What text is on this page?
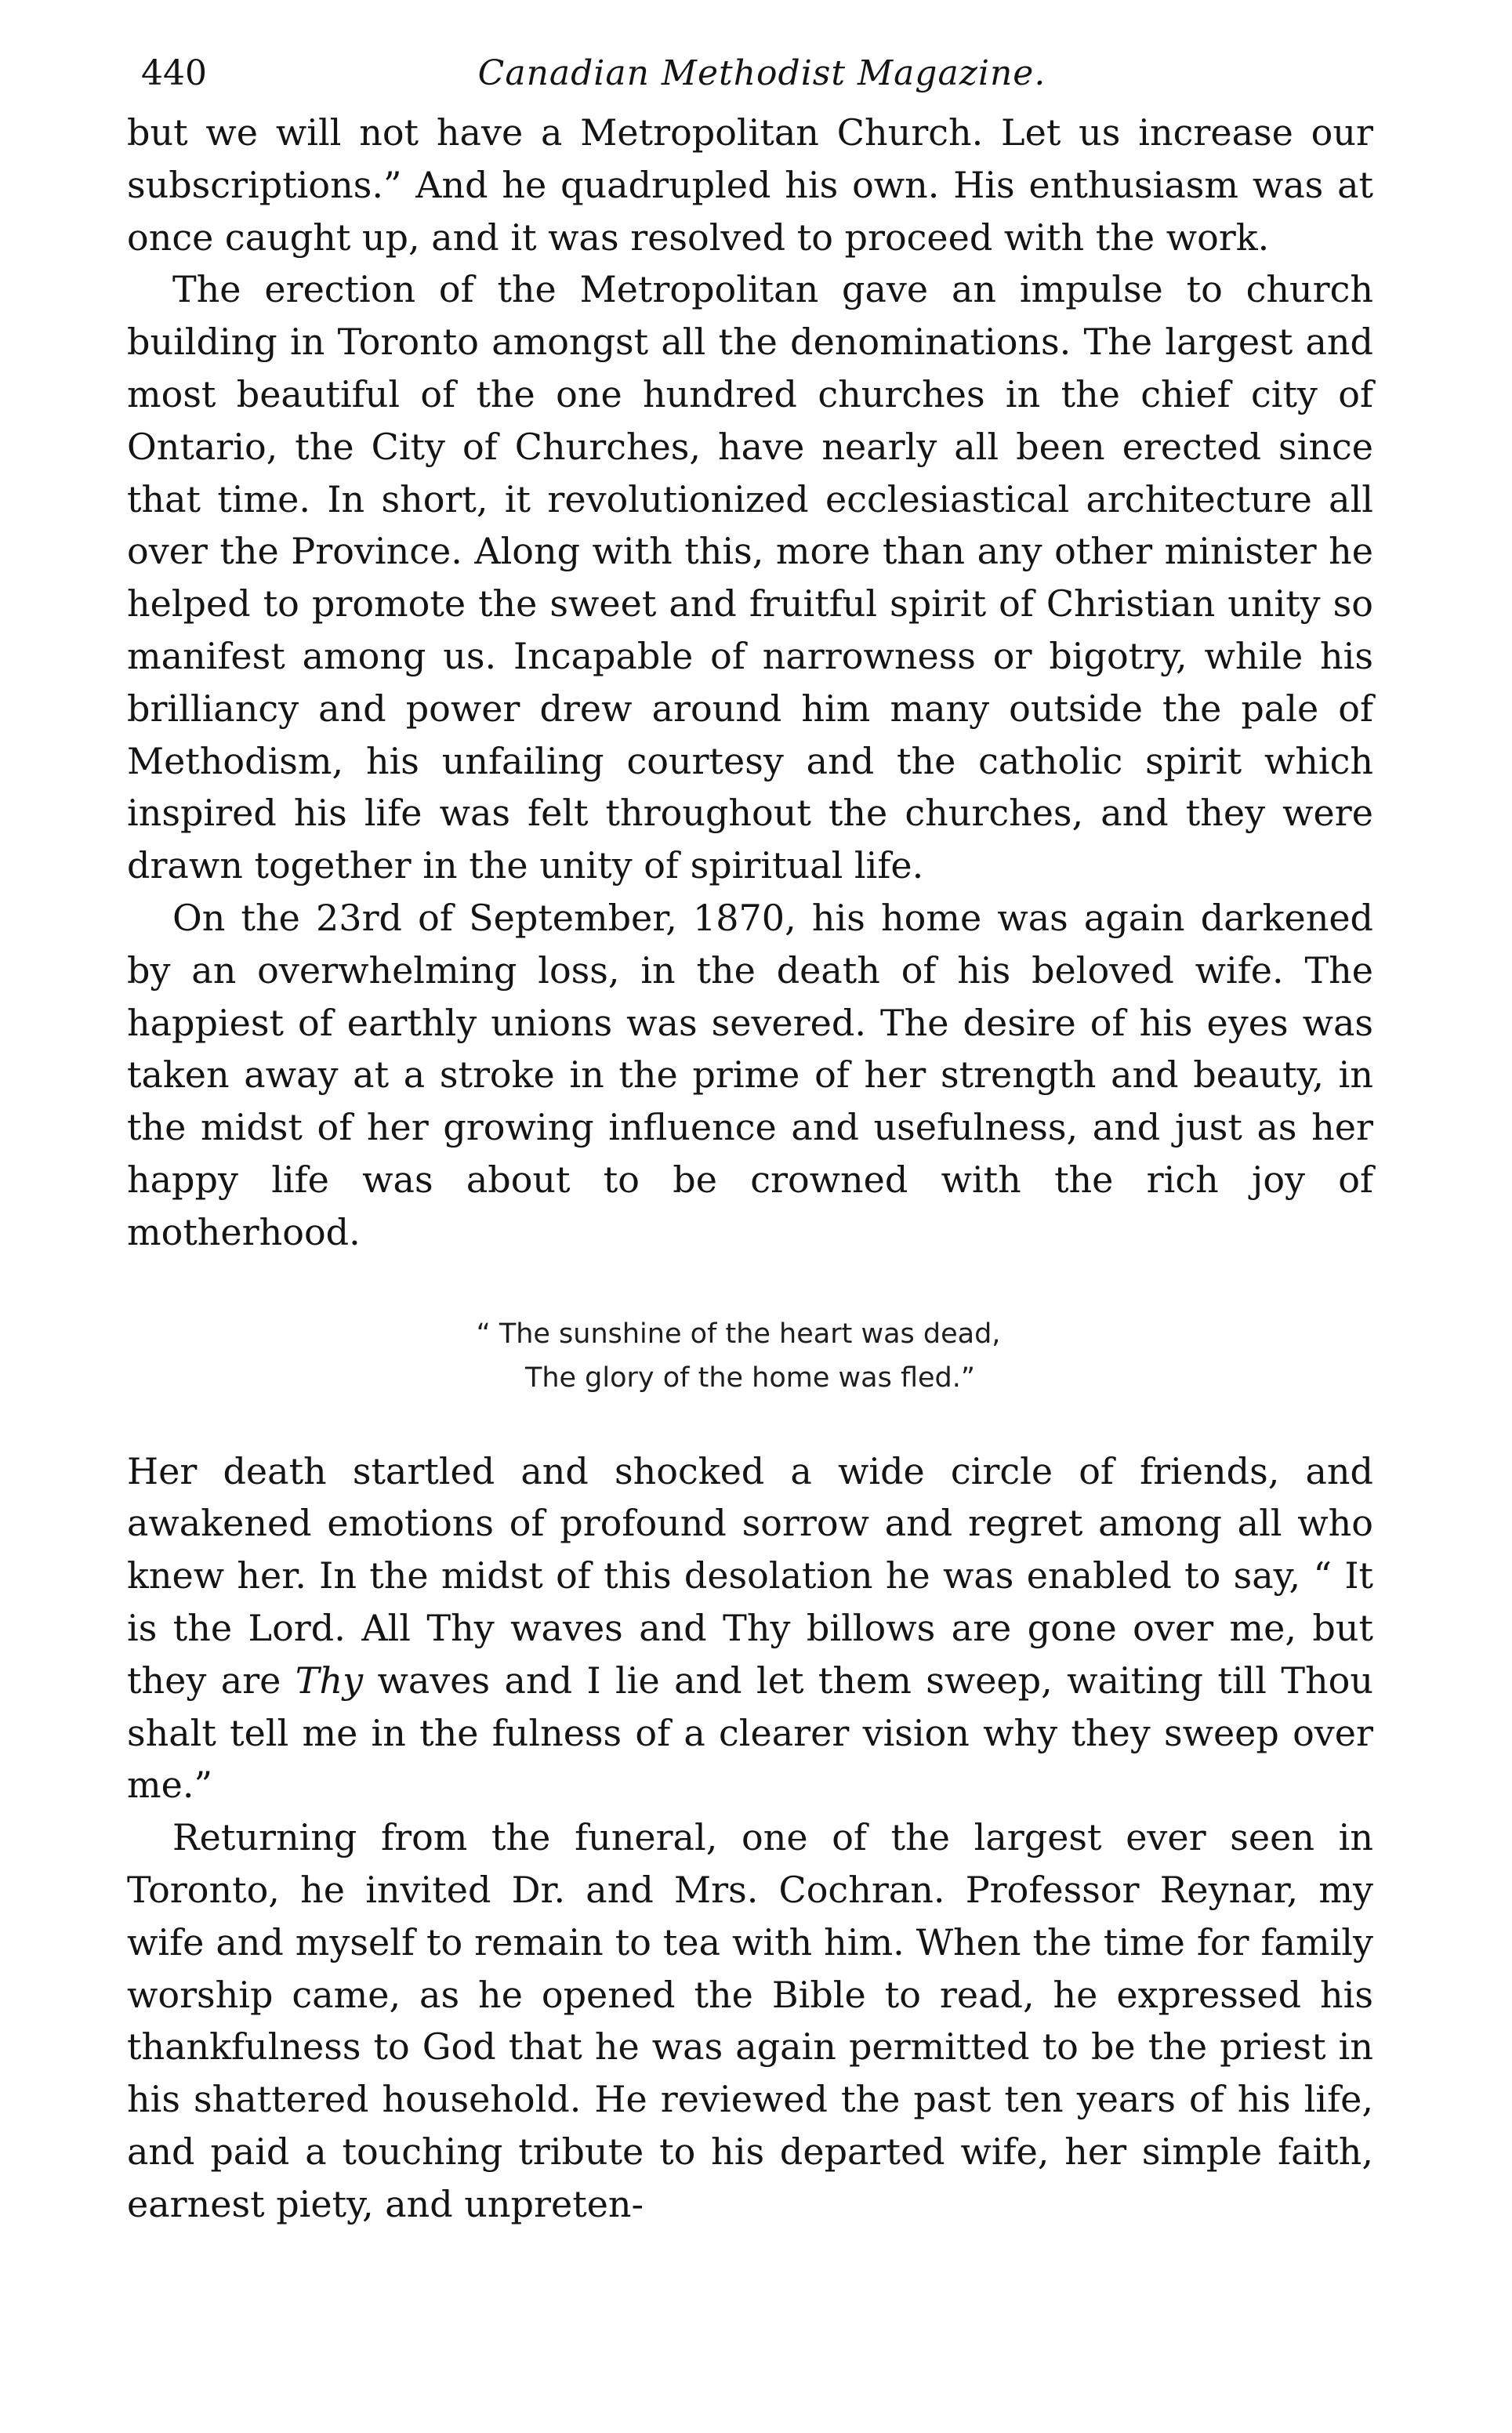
440	Canadian Methodist Magazine.

but we will not have a Metropolitan Church. Let us increase our subscriptions.” And he quadrupled his own. His enthusiasm was at once caught up, and it was resolved to proceed with the work.

The erection of the Metropolitan gave an impulse to church building in Toronto amongst all the denominations. The largest and most beautiful of the one hundred churches in the chief city of Ontario, the City of Churches, have nearly all been erected since that time. In short, it revolutionized ecclesiastical architecture all over the Province. Along with this, more than any other minister he helped to promote the sweet and fruitful spirit of Christian unity so manifest among us. Incapable of narrowness or bigotry, while his brilliancy and power drew around him many outside the pale of Methodism, his unfailing courtesy and the catholic spirit which inspired his life was felt throughout the churches, and they were drawn together in the unity of spiritual life.

On the 23rd of September, 1870, his home was again darkened by an overwhelming loss, in the death of his beloved wife. The happiest of earthly unions was severed. The desire of his eyes was taken away at a stroke in the prime of her strength and beauty, in the midst of her growing influence and usefulness, and just as her happy life was about to be crowned with the rich joy of motherhood.

“ The sunshine of the heart was dead,
The glory of the home was fled.”

Her death startled and shocked a wide circle of friends, and awakened emotions of profound sorrow and regret among all who knew her. In the midst of this desolation he was enabled to say, “ It is the Lord. All Thy waves and Thy billows are gone over me, but they are Thy waves and I lie and let them sweep, waiting till Thou shalt tell me in the fulness of a clearer vision why they sweep over me.”

Returning from the funeral, one of the largest ever seen in Toronto, he invited Dr. and Mrs. Cochran. Professor Reynar, my wife and myself to remain to tea with him. When the time for family worship came, as he opened the Bible to read, he expressed his thankfulness to God that he was again permitted to be the priest in his shattered household. He reviewed the past ten years of his life, and paid a touching tribute to his departed wife, her simple faith, earnest piety, and unpreten-
